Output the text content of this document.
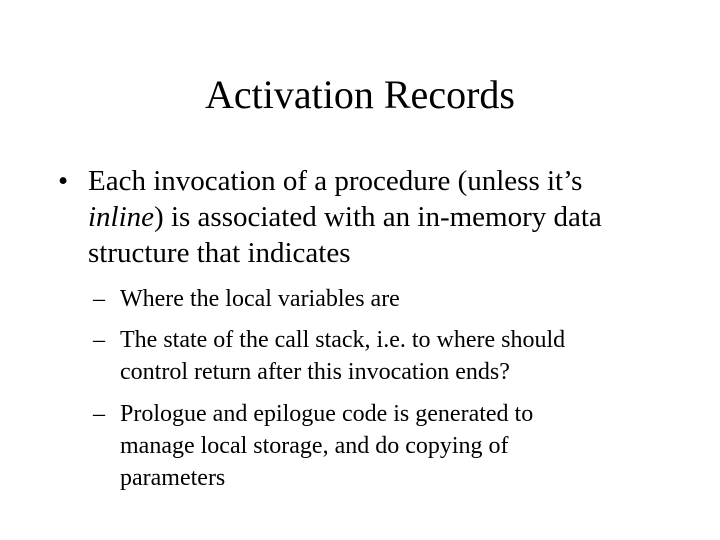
Activation Records
• Each invocation of a procedure (unless it’s
inline) is associated with an in-memory data
structure that indicates
– Where the local variables are
– The state of the call stack, i.e. to where should
control return after this invocation ends?
– Prologue and epilogue code is generated to
manage local storage, and do copying of
parameters
